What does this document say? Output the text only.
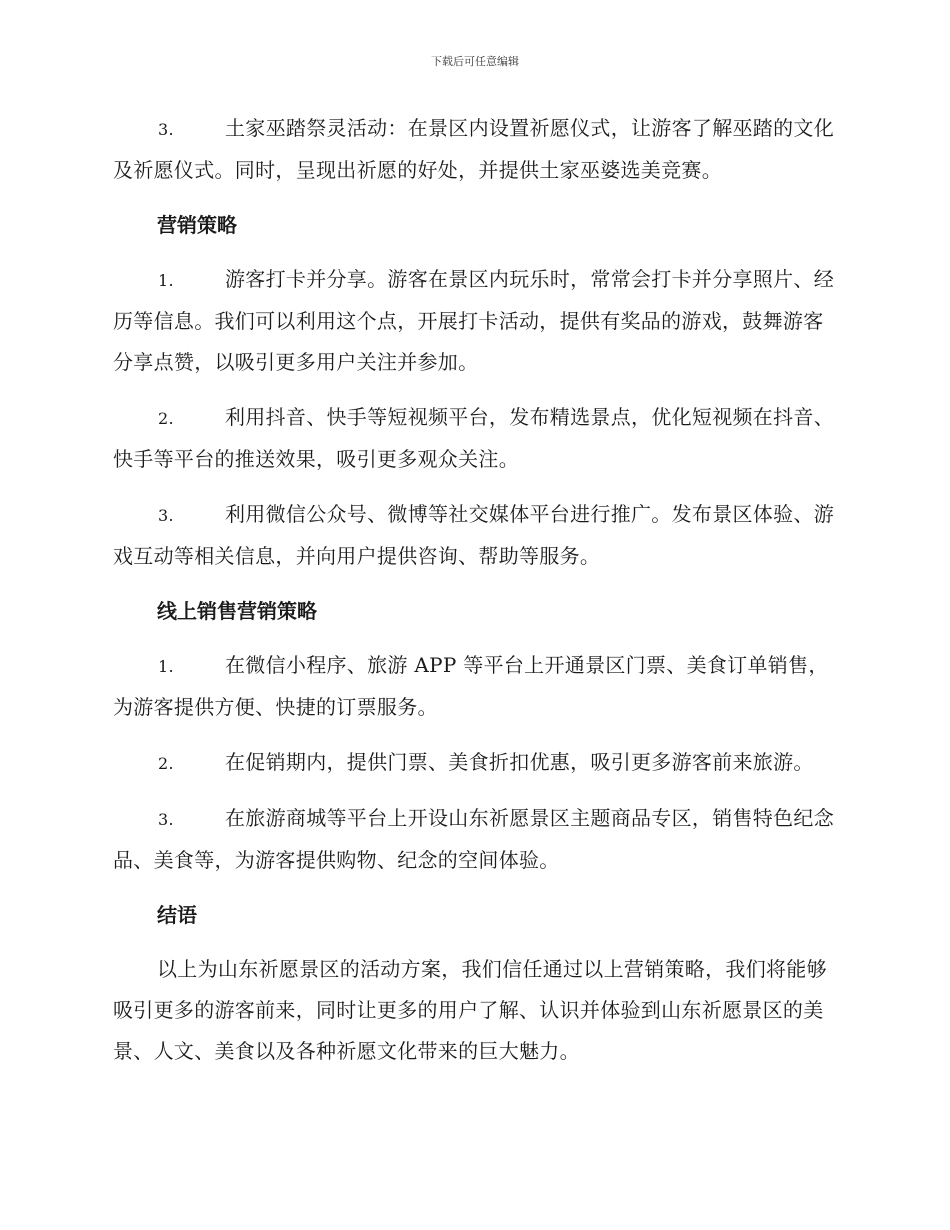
下载后可任意编辑

3.	土家巫踏祭灵活动：在景区内设置祈愿仪式，让游客了解巫踏的文化及祈愿仪式。同时，呈现出祈愿的好处，并提供土家巫婆选美竞赛。

营销策略

1.	游客打卡并分享。游客在景区内玩乐时，常常会打卡并分享照片、经历等信息。我们可以利用这个点，开展打卡活动，提供有奖品的游戏，鼓舞游客分享点赞，以吸引更多用户关注并参加。

2.	利用抖音、快手等短视频平台，发布精选景点，优化短视频在抖音、快手等平台的推送效果，吸引更多观众关注。

3.	利用微信公众号、微博等社交媒体平台进行推广。发布景区体验、游戏互动等相关信息，并向用户提供咨询、帮助等服务。

线上销售营销策略

1.	在微信小程序、旅游 APP 等平台上开通景区门票、美食订单销售，为游客提供方便、快捷的订票服务。

2.	在促销期内，提供门票、美食折扣优惠，吸引更多游客前来旅游。

3.	在旅游商城等平台上开设山东祈愿景区主题商品专区，销售特色纪念品、美食等，为游客提供购物、纪念的空间体验。

结语

以上为山东祈愿景区的活动方案，我们信任通过以上营销策略，我们将能够吸引更多的游客前来，同时让更多的用户了解、认识并体验到山东祈愿景区的美景、人文、美食以及各种祈愿文化带来的巨大魅力。
